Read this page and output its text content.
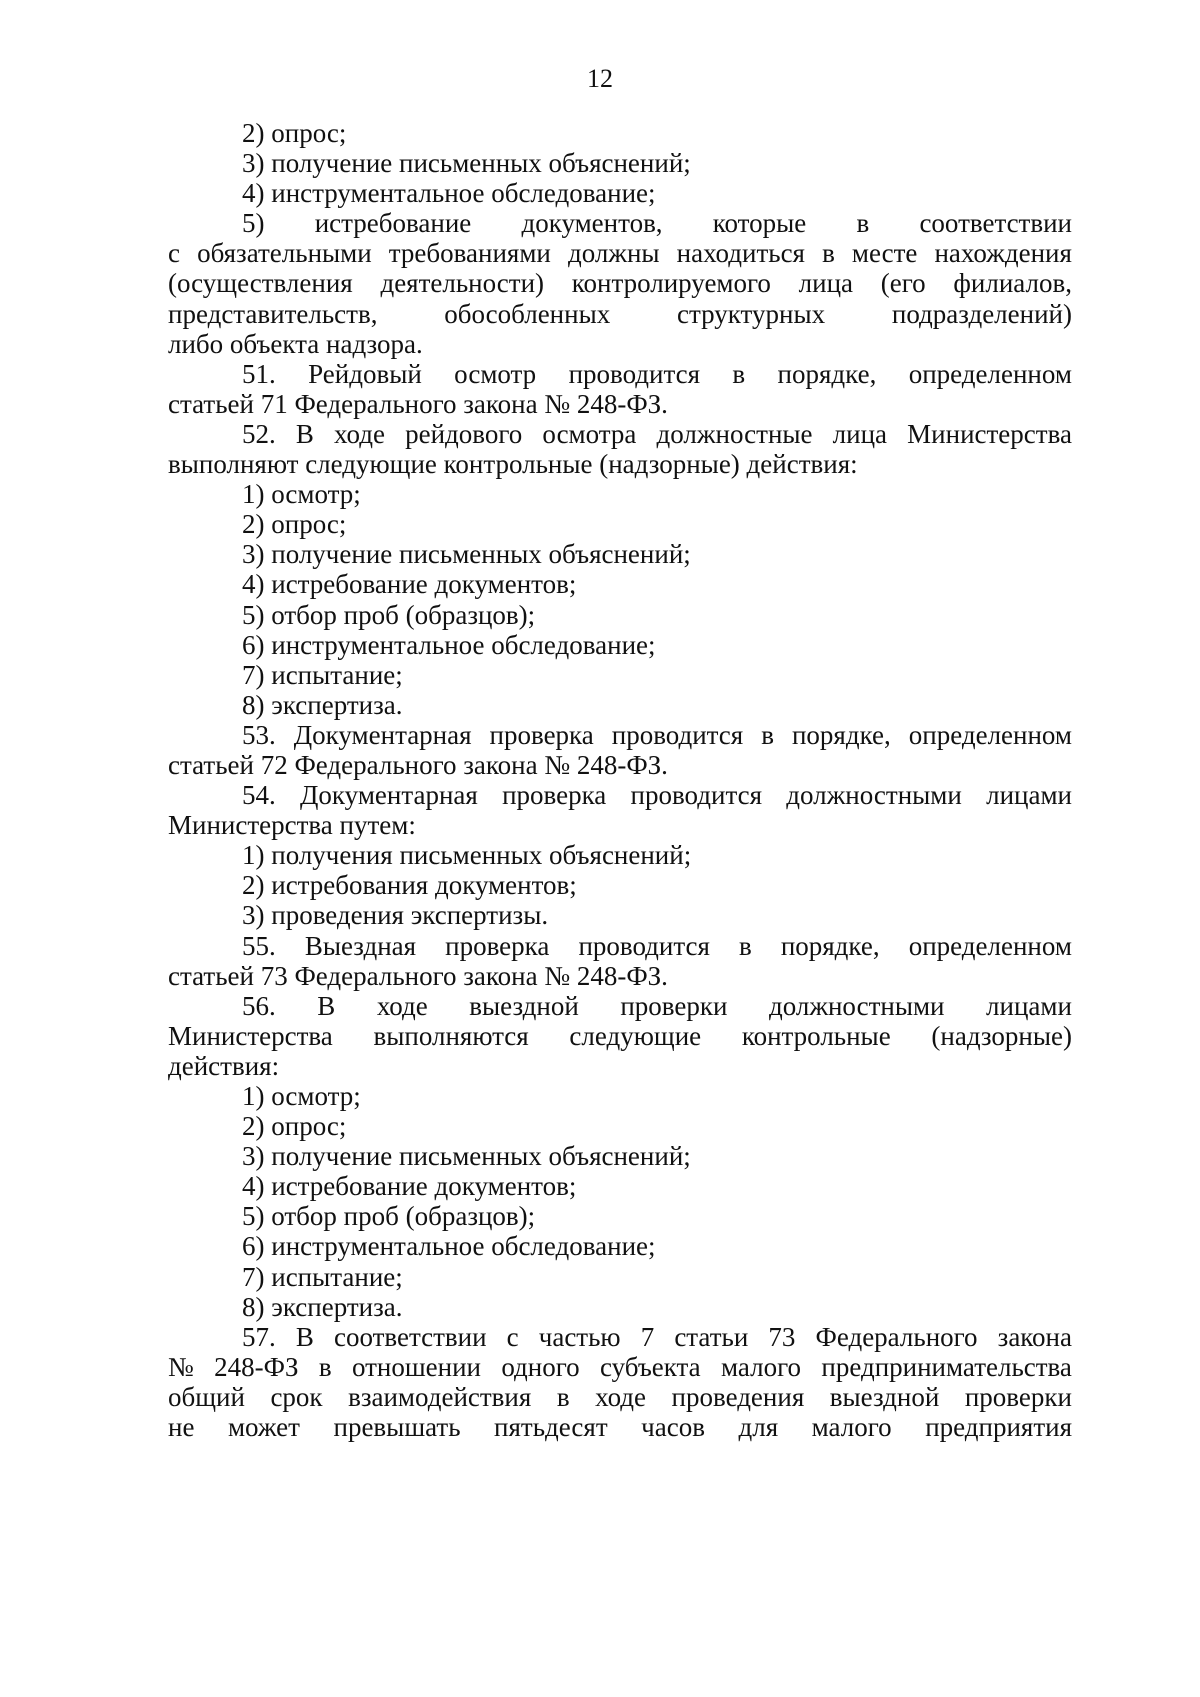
12
2) опрос;
3) получение письменных объяснений;
4) инструментальное обследование;
5) истребование документов, которые в соответствии
с обязательными требованиями должны находиться в месте нахождения
(осуществления деятельности) контролируемого лица (его филиалов,
представительств, обособленных структурных подразделений)
либо объекта надзора.
51. Рейдовый осмотр проводится в порядке, определенном
статьей 71 Федерального закона № 248-ФЗ.
52. В ходе рейдового осмотра должностные лица Министерства
выполняют следующие контрольные (надзорные) действия:
1) осмотр;
2) опрос;
3) получение письменных объяснений;
4) истребование документов;
5) отбор проб (образцов);
6) инструментальное обследование;
7) испытание;
8) экспертиза.
53. Документарная проверка проводится в порядке, определенном
статьей 72 Федерального закона № 248-ФЗ.
54. Документарная проверка проводится должностными лицами
Министерства путем:
1) получения письменных объяснений;
2) истребования документов;
3) проведения экспертизы.
55. Выездная проверка проводится в порядке, определенном
статьей 73 Федерального закона № 248-ФЗ.
56. В ходе выездной проверки должностными лицами
Министерства выполняются следующие контрольные (надзорные)
действия:
1) осмотр;
2) опрос;
3) получение письменных объяснений;
4) истребование документов;
5) отбор проб (образцов);
6) инструментальное обследование;
7) испытание;
8) экспертиза.
57. В соответствии с частью 7 статьи 73 Федерального закона
№ 248-ФЗ в отношении одного субъекта малого предпринимательства
общий срок взаимодействия в ходе проведения выездной проверки
не может превышать пятьдесят часов для малого предприятия
